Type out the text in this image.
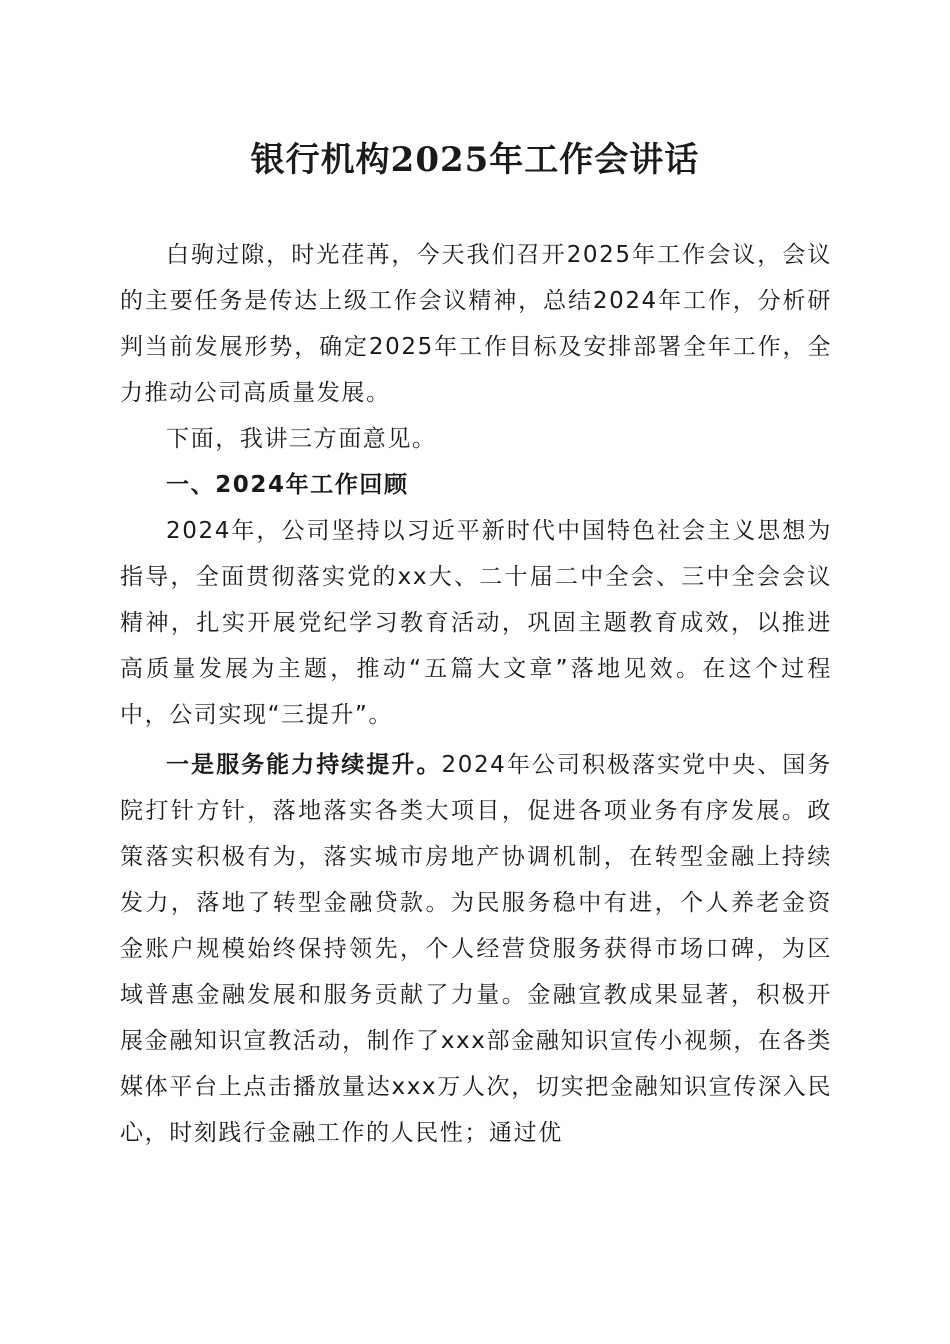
银行机构2025年工作会讲话

白驹过隙，时光荏苒，今天我们召开2025年工作会议，会议的主要任务是传达上级工作会议精神，总结2024年工作，分析研判当前发展形势，确定2025年工作目标及安排部署全年工作，全力推动公司高质量发展。

下面，我讲三方面意见。

一、2024年工作回顾

2024年，公司坚持以习近平新时代中国特色社会主义思想为指导，全面贯彻落实党的xx大、二十届二中全会、三中全会会议精神，扎实开展党纪学习教育活动，巩固主题教育成效，以推进高质量发展为主题，推动“五篇大文章”落地见效。在这个过程中，公司实现“三提升”。

一是服务能力持续提升。2024年公司积极落实党中央、国务院打针方针，落地落实各类大项目，促进各项业务有序发展。政策落实积极有为，落实城市房地产协调机制，在转型金融上持续发力，落地了转型金融贷款。为民服务稳中有进，个人养老金资金账户规模始终保持领先，个人经营贷服务获得市场口碑，为区域普惠金融发展和服务贡献了力量。金融宣教成果显著，积极开展金融知识宣教活动，制作了xxx部金融知识宣传小视频，在各类媒体平台上点击播放量达xxx万人次，切实把金融知识宣传深入民心，时刻践行金融工作的人民性；通过优
